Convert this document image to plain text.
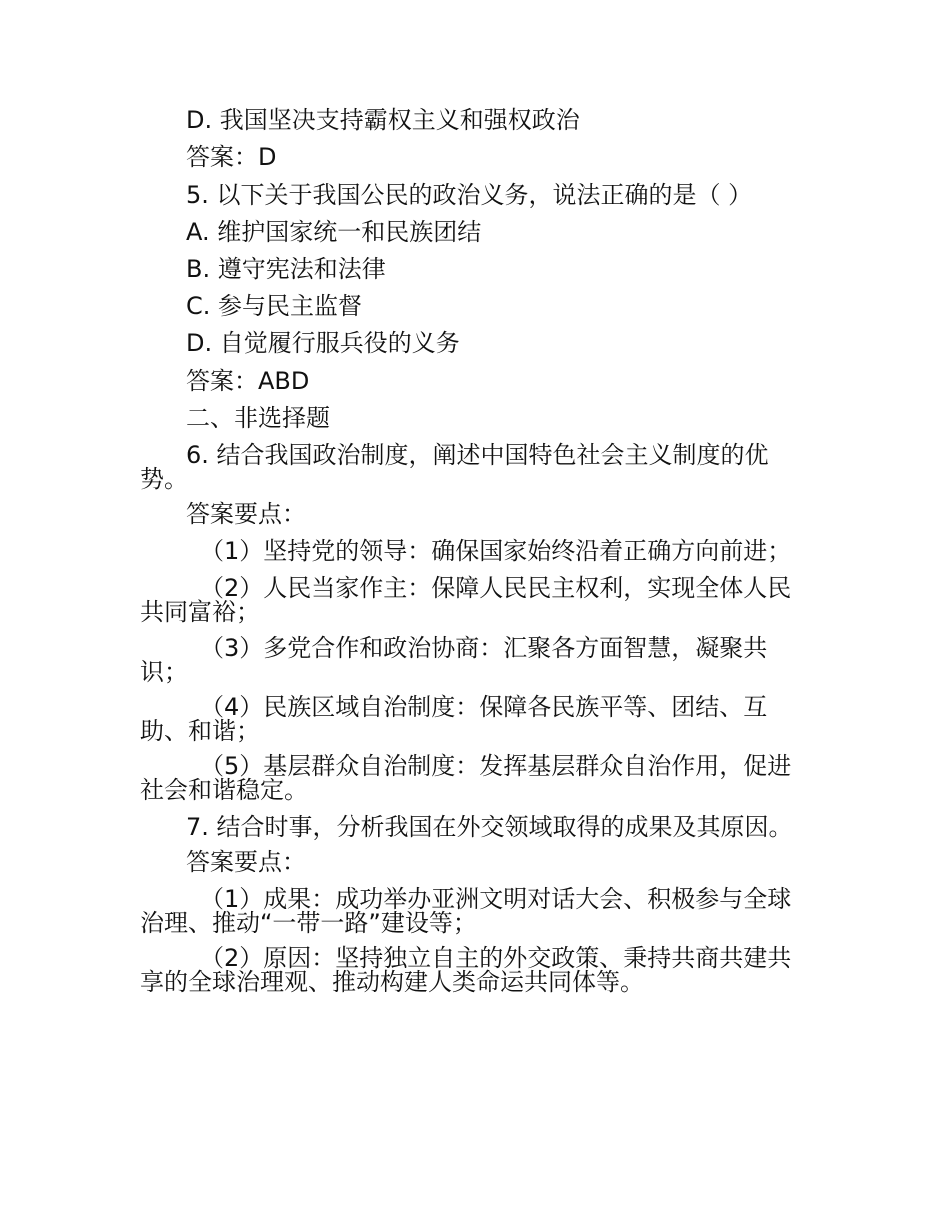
D. 我国坚决支持霸权主义和强权政治

答案：D

5. 以下关于我国公民的政治义务，说法正确的是（ ）

A. 维护国家统一和民族团结

B. 遵守宪法和法律

C. 参与民主监督

D. 自觉履行服兵役的义务

答案：ABD

二、非选择题

6. 结合我国政治制度，阐述中国特色社会主义制度的优

势。

答案要点：

（1）坚持党的领导：确保国家始终沿着正确方向前进；

（2）人民当家作主：保障人民民主权利，实现全体人民

共同富裕；

（3）多党合作和政治协商：汇聚各方面智慧，凝聚共

识；

（4）民族区域自治制度：保障各民族平等、团结、互

助、和谐；

（5）基层群众自治制度：发挥基层群众自治作用，促进

社会和谐稳定。

7. 结合时事，分析我国在外交领域取得的成果及其原因。

答案要点：

（1）成果：成功举办亚洲文明对话大会、积极参与全球

治理、推动“一带一路”建设等；

（2）原因：坚持独立自主的外交政策、秉持共商共建共

享的全球治理观、推动构建人类命运共同体等。
